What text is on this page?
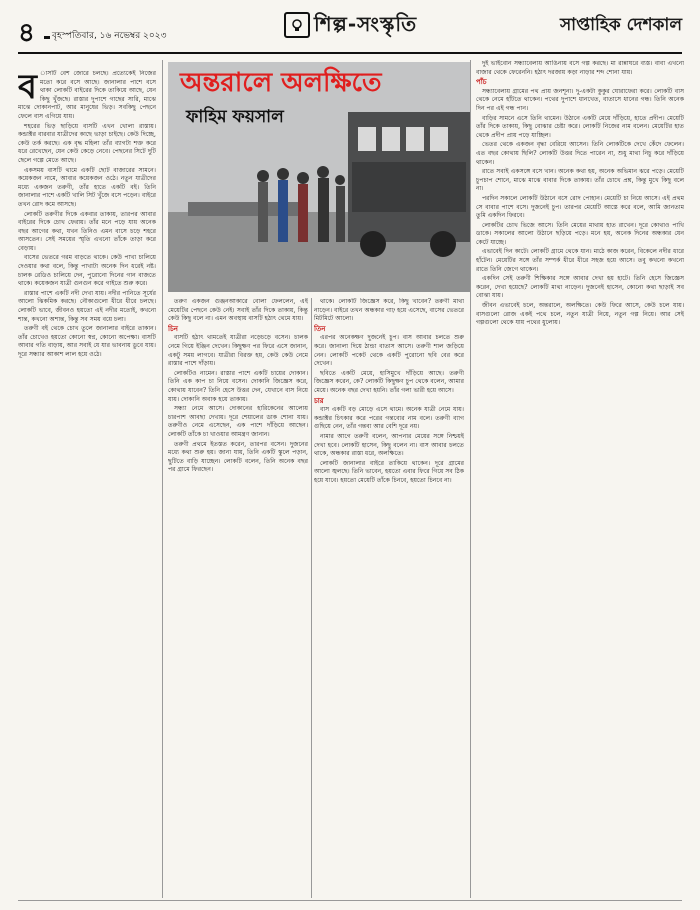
৪ বৃহস্পতিবার, ১৬ নভেম্বর ২০২৩	শিল্প-সংস্কৃতি	সাপ্তাহিক দেশকাল
ব াসটি বেশ জোরে চলছে। প্রত্যেকেই নিজের মতো করে বসে আছে। জানালার পাশে বসে থাকা লোকটি বাইরের দিকে তাকিয়ে আছে, যেন কিছু খুঁজছে। রাস্তার দুপাশে গাছের সারি, মাঝে মাঝে দোকানপাট, আর মানুষের ভিড়। সবকিছু পেছনে ফেলে বাস এগিয়ে যায়।

শহরের ভিড় ছাড়িয়ে বাসটি এখন খোলা রাস্তায়। কন্ডাক্টর বারবার যাত্রীদের কাছে ভাড়া চাইছে। কেউ দিচ্ছে, কেউ তর্ক করছে। এক বৃদ্ধ মহিলা তাঁর ব্যাগটা শক্ত করে ধরে রেখেছেন, যেন কেউ কেড়ে নেবে। পেছনের সিটে দুটি ছেলে গল্পে মেতে আছে।

একসময় বাসটি থামে একটি ছোট বাজারের সামনে। কয়েকজন নামে, আবার কয়েকজন ওঠে। নতুন যাত্রীদের মধ্যে একজন তরুণী, তাঁর হাতে একটি বই। তিনি জানালার পাশে একটি খালি সিট খুঁজে বসে পড়েন। বাইরে তখন রোদ কমে আসছে।

লোকটি তরুণীর দিকে একবার তাকায়, তারপর আবার বাইরের দিকে চোখ ফেরায়। তাঁর মনে পড়ে যায় অনেক বছর আগের কথা, যখন তিনিও এমন বাসে চড়ে শহরে আসতেন। সেই সময়ের স্মৃতি এখনো তাঁকে তাড়া করে বেড়ায়।

বাসের ভেতরে গরম বাড়তে থাকে। কেউ পাখা চালিয়ে দেওয়ার কথা বলে, কিন্তু পাখাটা অনেক দিন ধরেই নষ্ট। চালক রেডিও চালিয়ে দেন, পুরোনো দিনের গান বাজতে থাকে। কয়েকজন যাত্রী গুনগুন করে গাইতে শুরু করে।

রাস্তার পাশে একটি নদী দেখা যায়। নদীর পানিতে সূর্যের আলো ঝিকমিক করছে। নৌকাগুলো ধীরে ধীরে চলছে। লোকটি ভাবে, জীবনও হয়তো এই নদীর মতোই, কখনো শান্ত, কখনো অশান্ত, কিন্তু সব সময় বয়ে চলা।

তরুণী বই থেকে চোখ তুলে জানালার বাইরে তাকান। তাঁর চোখেও হয়তো কোনো স্বপ্ন, কোনো অপেক্ষা। বাসটি আবার গতি বাড়ায়, আর সবাই যে যার ভাবনায় ডুবে যায়। দূরে সন্ধ্যার আকাশ লাল হয়ে ওঠে।

অন্তরালে অলক্ষিতে
ফাহিম ফয়সাল

তরুণ একজন গুঞ্জনআকারে বোলা ফেললেন, এই মেয়েটির পেছনে কেউ নেই। সবাই তাঁর দিকে তাকায়, কিন্তু কেউ কিছু বলে না। এমন অবস্থায় বাসটি হঠাৎ থেমে যায়।

চিন

বাসটি হঠাৎ থামতেই যাত্রীরা নড়েচড়ে বসেন। চালক নেমে গিয়ে ইঞ্জিন দেখেন। কিছুক্ষণ পর ফিরে এসে জানান, একটু সময় লাগবে। যাত্রীরা বিরক্ত হয়, কেউ কেউ নেমে রাস্তার পাশে দাঁড়ায়।

লোকটিও নামেন। রাস্তার পাশে একটি চায়ের দোকান। তিনি এক কাপ চা নিয়ে বসেন। দোকানি জিজ্ঞেস করে, কোথায় যাবেন? তিনি হেসে উত্তর দেন, যেখানে বাস নিয়ে যায়। দোকানি অবাক হয়ে তাকায়।

সন্ধ্যা নেমে আসে। দোকানের হারিকেনের আলোয় চারপাশ আবছা দেখায়। দূরে শেয়ালের ডাক শোনা যায়। তরুণীও নেমে এসেছেন, এক পাশে দাঁড়িয়ে আছেন। লোকটি তাঁকে চা খাওয়ার আমন্ত্রণ জানান।

তরুণী প্রথমে ইতস্তত করেন, তারপর বসেন। দুজনের মধ্যে কথা শুরু হয়। জানা যায়, তিনি একটি স্কুলে পড়ান, ছুটিতে বাড়ি যাচ্ছেন। লোকটি বলেন, তিনি অনেক বছর পর গ্রামে ফিরছেন।

থাকে। লোকটি জিজ্ঞেস করে, কিছু খাবেন? তরুণী মাথা নাড়েন। বাইরে তখন অন্ধকার গাঢ় হয়ে এসেছে, বাসের ভেতরে মিটমিটে আলো।

তিন

এরপর অনেকক্ষণ দুজনেই চুপ। বাস আবার চলতে শুরু করে। জানালা দিয়ে ঠান্ডা বাতাস আসে। তরুণী শাল জড়িয়ে নেন। লোকটি পকেট থেকে একটি পুরোনো ছবি বের করে দেখেন।

ছবিতে একটি মেয়ে, হাসিমুখে দাঁড়িয়ে আছে। তরুণী জিজ্ঞেস করেন, কে? লোকটি কিছুক্ষণ চুপ থেকে বলেন, আমার মেয়ে। অনেক বছর দেখা হয়নি। তাঁর গলা ভারী হয়ে আসে।

চার

বাস একটি বড় মোড়ে এসে থামে। অনেক যাত্রী নেমে যায়। কন্ডাক্টর চিৎকার করে পরের গন্তব্যের নাম বলে। তরুণী ব্যাগ গুছিয়ে নেন, তাঁর গন্তব্য আর বেশি দূরে নয়।

নামার আগে তরুণী বলেন, আপনার মেয়ের সঙ্গে নিশ্চয়ই দেখা হবে। লোকটি হাসেন, কিছু বলেন না। বাস আবার চলতে থাকে, অন্ধকার রাস্তা ধরে, অলক্ষিতে।

লোকটি জানালার বাইরে তাকিয়ে থাকেন। দূরে গ্রামের আলো জ্বলছে। তিনি ভাবেন, হয়তো এবার ফিরে গিয়ে সব ঠিক হয়ে যাবে। হয়তো মেয়েটি তাঁকে চিনবে, হয়তো চিনবে না।

দুই ভাইবোন সন্ধ্যাবেলায় আঙিনায় বসে গল্প করছে। মা রান্নাঘরে ব্যস্ত। বাবা এখনো বাজার থেকে ফেরেননি। হঠাৎ দরজায় কড়া নাড়ার শব্দ শোনা যায়।

পাঁচ

সন্ধ্যাবেলায় গ্রামের পথ প্রায় জনশূন্য। দু-একটা কুকুর ঘোরাফেরা করে। লোকটি বাস থেকে নেমে হাঁটতে থাকেন। পথের দুপাশে ধানখেত, বাতাসে ধানের গন্ধ। তিনি অনেক দিন পর এই গন্ধ পান।

বাড়ির সামনে এসে তিনি থামেন। উঠানে একটি মেয়ে দাঁড়িয়ে, হাতে প্রদীপ। মেয়েটি তাঁর দিকে তাকায়, কিছু বোঝার চেষ্টা করে। লোকটি নিজের নাম বলেন। মেয়েটির হাত থেকে প্রদীপ প্রায় পড়ে যাচ্ছিল।

ভেতর থেকে একজন বৃদ্ধা বেরিয়ে আসেন। তিনি লোকটিকে দেখে কেঁদে ফেলেন। এত বছর কোথায় ছিলি? লোকটি উত্তর দিতে পারেন না, শুধু মাথা নিচু করে দাঁড়িয়ে থাকেন।

রাতে সবাই একসঙ্গে বসে খান। অনেক কথা হয়, অনেক অভিমান ঝরে পড়ে। মেয়েটি চুপচাপ শোনে, মাঝে মাঝে বাবার দিকে তাকায়। তাঁর চোখে প্রশ্ন, কিন্তু মুখে কিছু বলে না।

পরদিন সকালে লোকটি উঠানে বসে রোদ পোহান। মেয়েটি চা নিয়ে আসে। এই প্রথম সে বাবার পাশে বসে। দুজনেই চুপ। তারপর মেয়েটি আস্তে করে বলে, আমি জানতাম তুমি একদিন ফিরবে।

লোকটির চোখ ভিজে আসে। তিনি মেয়ের মাথায় হাত রাখেন। দূরে কোথাও পাখি ডাকে। সকালের আলো উঠানে ছড়িয়ে পড়ে। মনে হয়, অনেক দিনের অন্ধকার যেন কেটে যাচ্ছে।

এভাবেই দিন কাটে। লোকটি গ্রামে থেকে যান। মাঠে কাজ করেন, বিকেলে নদীর ধারে হাঁটেন। মেয়েটির সঙ্গে তাঁর সম্পর্ক ধীরে ধীরে সহজ হয়ে আসে। তবু কখনো কখনো রাতে তিনি জেগে থাকেন।

একদিন সেই তরুণী শিক্ষিকার সঙ্গে আবার দেখা হয় হাটে। তিনি হেসে জিজ্ঞেস করেন, দেখা হয়েছে? লোকটি মাথা নাড়েন। দুজনেই হাসেন, কোনো কথা ছাড়াই সব বোঝা যায়।

জীবন এভাবেই চলে, অন্তরালে, অলক্ষিতে। কেউ ফিরে আসে, কেউ চলে যায়। বাসগুলো রোজ একই পথে চলে, নতুন যাত্রী নিয়ে, নতুন গল্প নিয়ে। আর সেই গল্পগুলো থেকে যায় পথের ধুলোয়।
